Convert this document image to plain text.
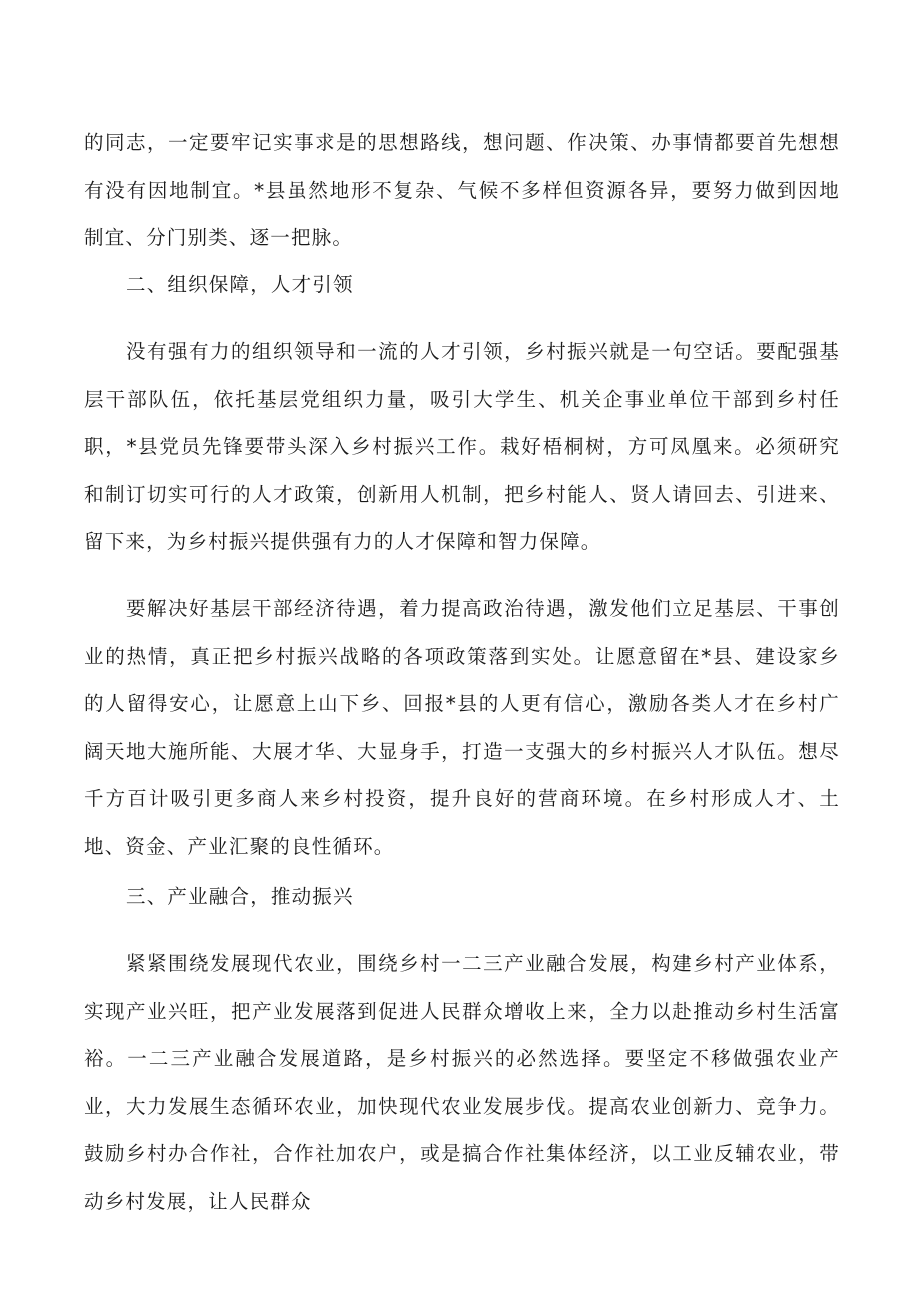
的同志，一定要牢记实事求是的思想路线，想问题、作决策、办事情都要首先想想有没有因地制宜。*县虽然地形不复杂、气候不多样但资源各异，要努力做到因地制宜、分门别类、逐一把脉。

二、组织保障，人才引领

没有强有力的组织领导和一流的人才引领，乡村振兴就是一句空话。要配强基层干部队伍，依托基层党组织力量，吸引大学生、机关企事业单位干部到乡村任职，*县党员先锋要带头深入乡村振兴工作。栽好梧桐树，方可凤凰来。必须研究和制订切实可行的人才政策，创新用人机制，把乡村能人、贤人请回去、引进来、留下来，为乡村振兴提供强有力的人才保障和智力保障。

要解决好基层干部经济待遇，着力提高政治待遇，激发他们立足基层、干事创业的热情，真正把乡村振兴战略的各项政策落到实处。让愿意留在*县、建设家乡的人留得安心，让愿意上山下乡、回报*县的人更有信心，激励各类人才在乡村广阔天地大施所能、大展才华、大显身手，打造一支强大的乡村振兴人才队伍。想尽千方百计吸引更多商人来乡村投资，提升良好的营商环境。在乡村形成人才、土地、资金、产业汇聚的良性循环。

三、产业融合，推动振兴

紧紧围绕发展现代农业，围绕乡村一二三产业融合发展，构建乡村产业体系，实现产业兴旺，把产业发展落到促进人民群众增收上来，全力以赴推动乡村生活富裕。一二三产业融合发展道路，是乡村振兴的必然选择。要坚定不移做强农业产业，大力发展生态循环农业，加快现代农业发展步伐。提高农业创新力、竞争力。鼓励乡村办合作社，合作社加农户，或是搞合作社集体经济，以工业反辅农业，带动乡村发展，让人民群众
